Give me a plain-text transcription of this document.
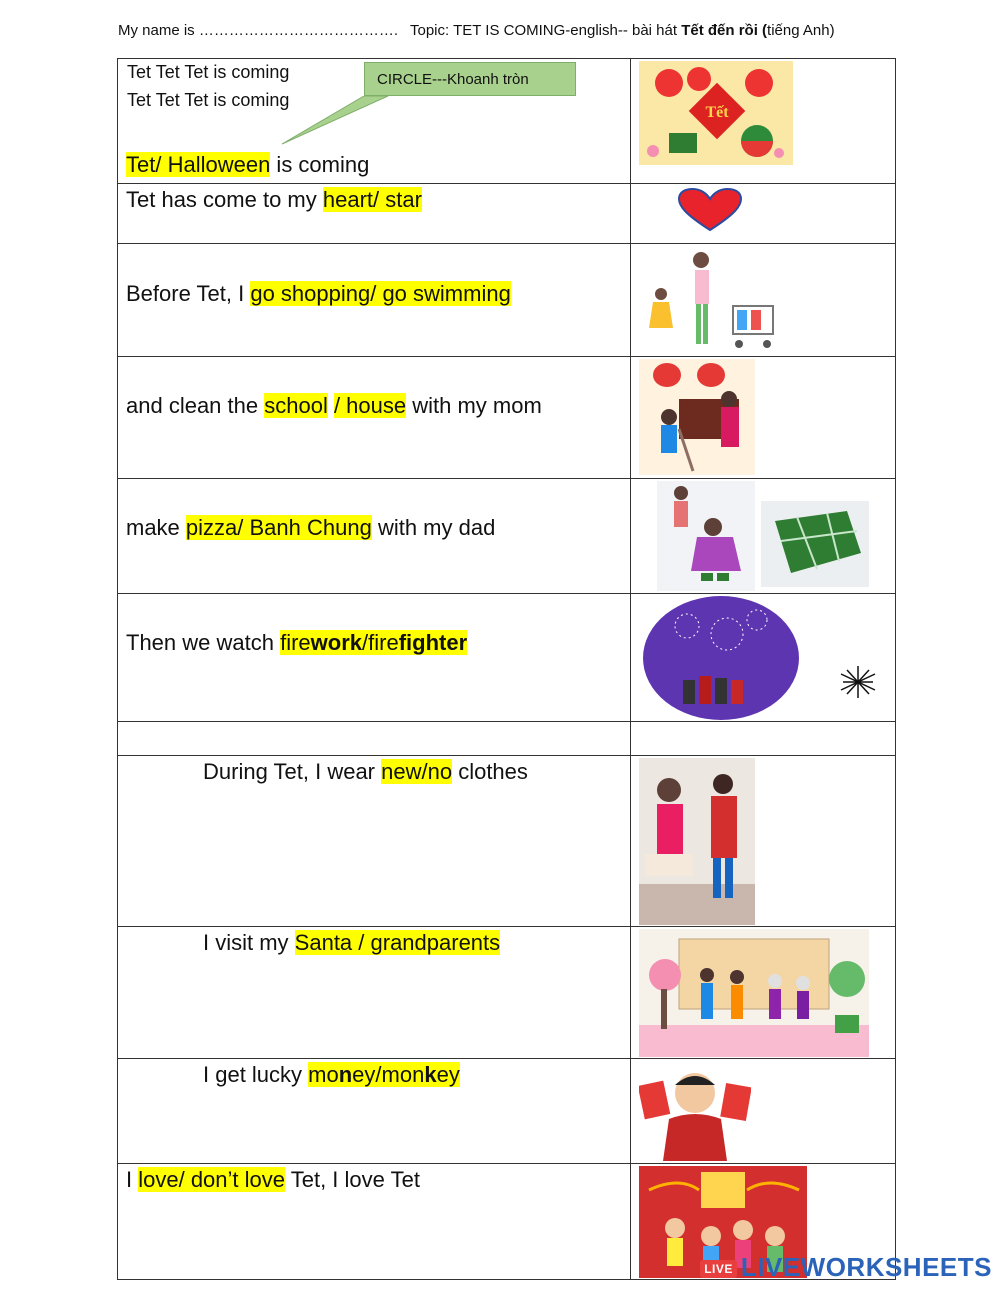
My name is …………………………………. Topic: TET IS COMING-english-- bài hát Tết đến rồi (tiếng Anh)
Tet Tet Tet is coming
Tet Tet Tet is coming
Tet/ Halloween is coming	Tết

Tet has come to my heart/ star

Before Tet, I go shopping/ go swimming

and clean the school / house with my mom

make pizza/ Banh Chung with my dad

Then we watch firework/firefighter

During Tet, I wear new/no clothes

I visit my Santa / grandparents

I get lucky money/monkey

I love/ don’t love Tet, I love Tet

CIRCLE---Khoanh tròn
LIVE LIVEWORKSHEETS
